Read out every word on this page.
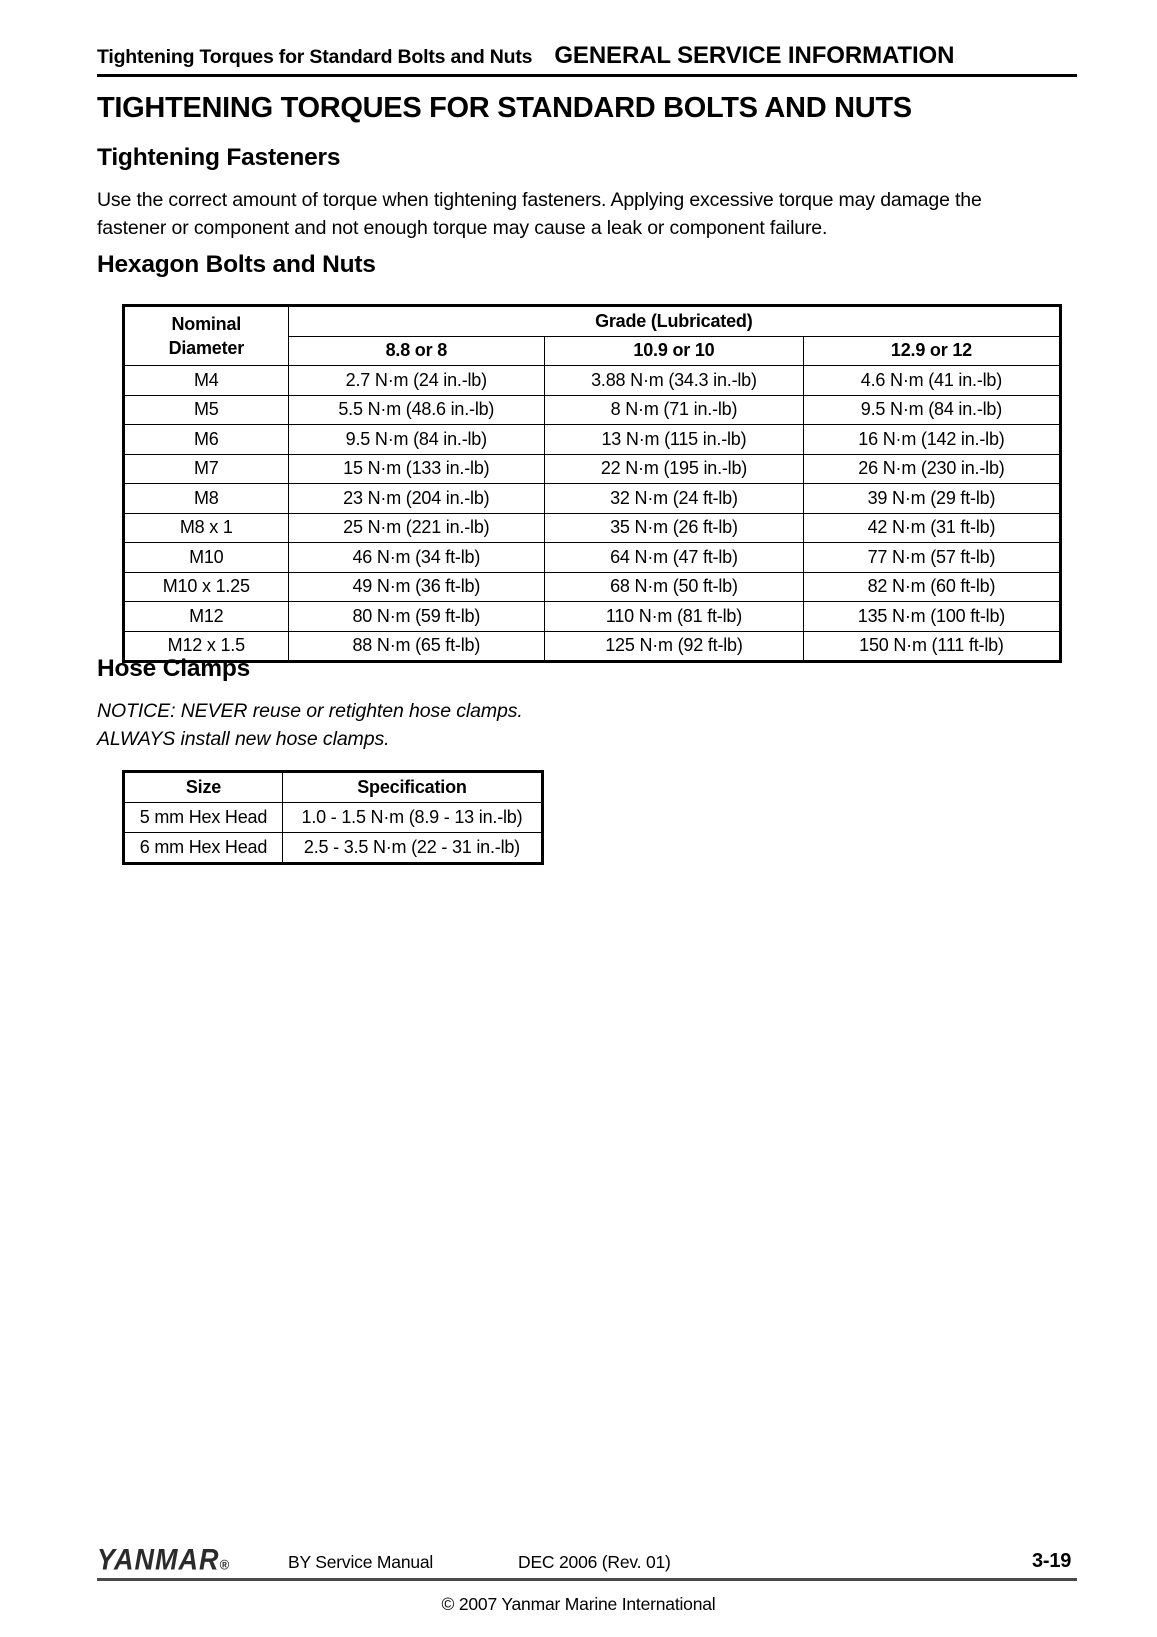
Tightening Torques for Standard Bolts and Nuts GENERAL SERVICE INFORMATION
TIGHTENING TORQUES FOR STANDARD BOLTS AND NUTS
Tightening Fasteners
Use the correct amount of torque when tightening fasteners. Applying excessive torque may damage the fastener or component and not enough torque may cause a leak or component failure.
Hexagon Bolts and Nuts
Nominal
Diameter	Grade (Lubricated)		
	8.8 or 8	10.9 or 10	12.9 or 12
M4	2.7 N·m (24 in.-lb)	3.88 N·m (34.3 in.-lb)	4.6 N·m (41 in.-lb)
M5	5.5 N·m (48.6 in.-lb)	8 N·m (71 in.-lb)	9.5 N·m (84 in.-lb)
M6	9.5 N·m (84 in.-lb)	13 N·m (115 in.-lb)	16 N·m (142 in.-lb)
M7	15 N·m (133 in.-lb)	22 N·m (195 in.-lb)	26 N·m (230 in.-lb)
M8	23 N·m (204 in.-lb)	32 N·m (24 ft-lb)	39 N·m (29 ft-lb)
M8 x 1	25 N·m (221 in.-lb)	35 N·m (26 ft-lb)	42 N·m (31 ft-lb)
M10	46 N·m (34 ft-lb)	64 N·m (47 ft-lb)	77 N·m (57 ft-lb)
M10 x 1.25	49 N·m (36 ft-lb)	68 N·m (50 ft-lb)	82 N·m (60 ft-lb)
M12	80 N·m (59 ft-lb)	110 N·m (81 ft-lb)	135 N·m (100 ft-lb)
M12 x 1.5	88 N·m (65 ft-lb)	125 N·m (92 ft-lb)	150 N·m (111 ft-lb)
Hose Clamps
NOTICE: NEVER reuse or retighten hose clamps.
ALWAYS install new hose clamps.
Size	Specification
5 mm Hex Head	1.0 - 1.5 N·m (8.9 - 13 in.-lb)
6 mm Hex Head	2.5 - 3.5 N·m (22 - 31 in.-lb)
YANMAR®	BY Service Manual	DEC 2006 (Rev. 01)	3-19
© 2007 Yanmar Marine International
